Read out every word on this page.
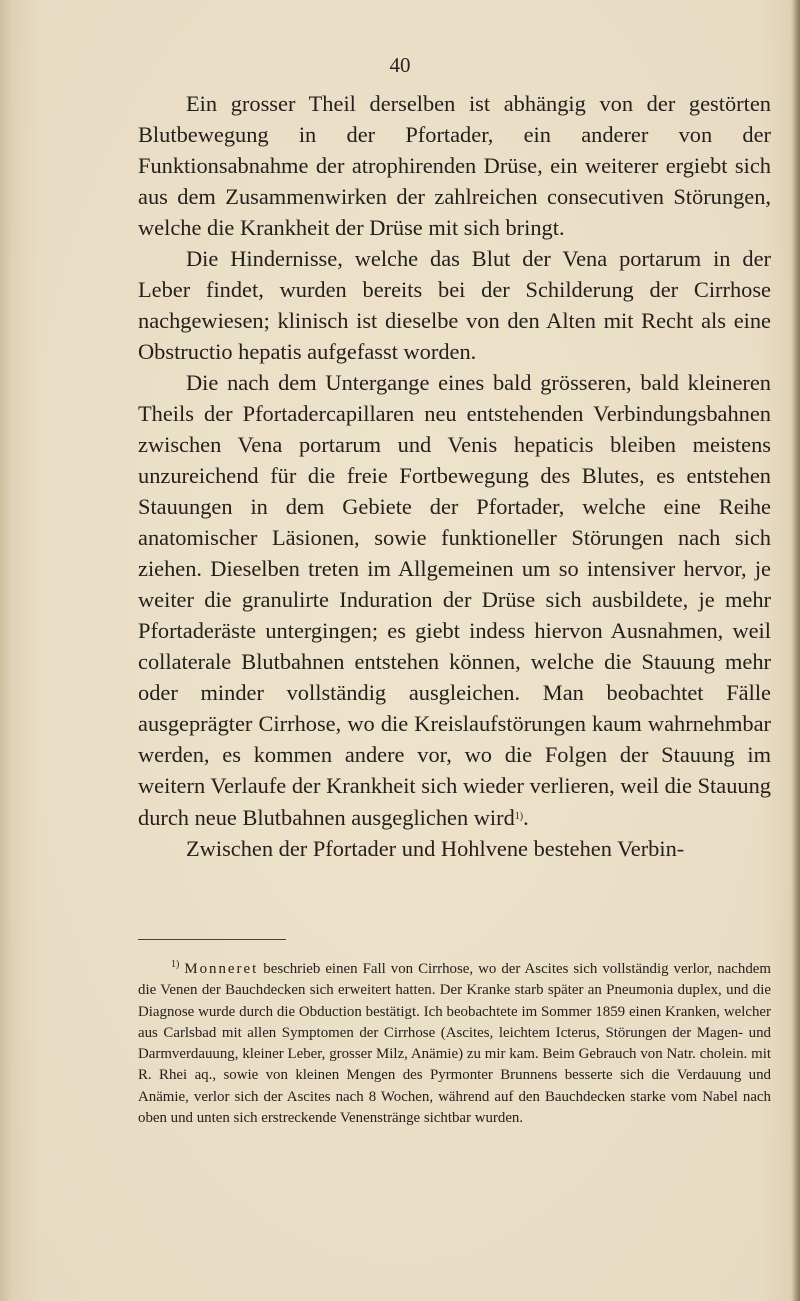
40

Ein grosser Theil derselben ist abhängig von der gestörten Blutbewegung in der Pfortader, ein anderer von der Funktionsabnahme der atrophirenden Drüse, ein weiterer ergiebt sich aus dem Zusammenwirken der zahlreichen consecutiven Störungen, welche die Krankheit der Drüse mit sich bringt.

Die Hindernisse, welche das Blut der Vena portarum in der Leber findet, wurden bereits bei der Schilderung der Cirrhose nachgewiesen; klinisch ist dieselbe von den Alten mit Recht als eine Obstructio hepatis aufgefasst worden.

Die nach dem Untergange eines bald grösseren, bald kleineren Theils der Pfortadercapillaren neu entstehenden Verbindungsbahnen zwischen Vena portarum und Venis hepaticis bleiben meistens unzureichend für die freie Fortbewegung des Blutes, es entstehen Stauungen in dem Gebiete der Pfortader, welche eine Reihe anatomischer Läsionen, sowie funktioneller Störungen nach sich ziehen. Dieselben treten im Allgemeinen um so intensiver hervor, je weiter die granulirte Induration der Drüse sich ausbildete, je mehr Pfortaderäste untergingen; es giebt indess hiervon Ausnahmen, weil collaterale Blutbahnen entstehen können, welche die Stauung mehr oder minder vollständig ausgleichen. Man beobachtet Fälle ausgeprägter Cirrhose, wo die Kreislaufstörungen kaum wahrnehmbar werden, es kommen andere vor, wo die Folgen der Stauung im weitern Verlaufe der Krankheit sich wieder verlieren, weil die Stauung durch neue Blutbahnen ausgeglichen wird$^{1)}$.

Zwischen der Pfortader und Hohlvene bestehen Verbin-

$^{1)}$ Monneret beschrieb einen Fall von Cirrhose, wo der Ascites sich vollständig verlor, nachdem die Venen der Bauchdecken sich erweitert hatten. Der Kranke starb später an Pneumonia duplex, und die Diagnose wurde durch die Obduction bestätigt. Ich beobachtete im Sommer 1859 einen Kranken, welcher aus Carlsbad mit allen Symptomen der Cirrhose (Ascites, leichtem Icterus, Störungen der Magen- und Darmverdauung, kleiner Leber, grosser Milz, Anämie) zu mir kam. Beim Gebrauch von Natr. cholein. mit R. Rhei aq., sowie von kleinen Mengen des Pyrmonter Brunnens besserte sich die Verdauung und Anämie, verlor sich der Ascites nach 8 Wochen, während auf den Bauchdecken starke vom Nabel nach oben und unten sich erstreckende Venenstränge sichtbar wurden.
